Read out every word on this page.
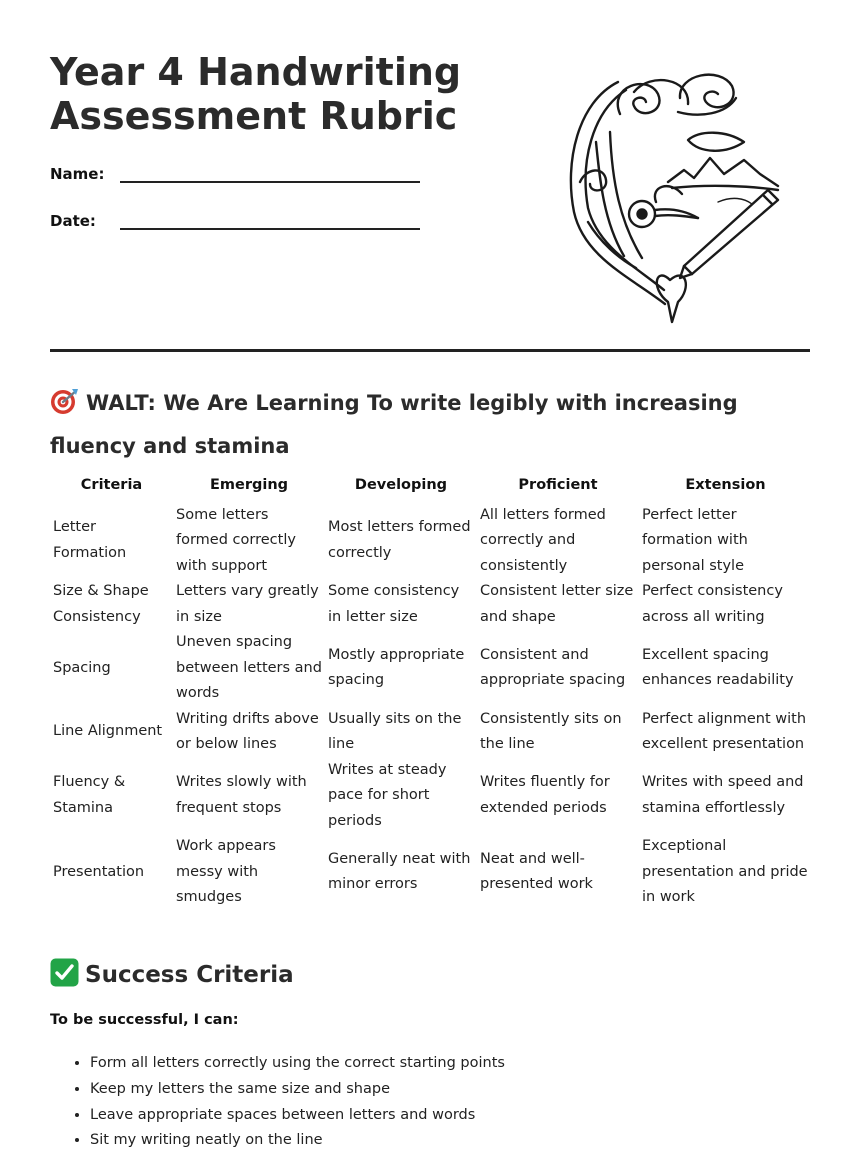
Year 4 Handwriting Assessment Rubric
Name:
Date:
WALT: We Are Learning To write legibly with increasing fluency and stamina
Criteria	Emerging	Developing	Proficient	Extension
Letter Formation	Some letters formed correctly with support	Most letters formed correctly	All letters formed correctly and consistently	Perfect letter formation with personal style
Size & Shape Consistency	Letters vary greatly in size	Some consistency in letter size	Consistent letter size and shape	Perfect consistency across all writing
Spacing	Uneven spacing between letters and words	Mostly appropriate spacing	Consistent and appropriate spacing	Excellent spacing enhances readability
Line Alignment	Writing drifts above or below lines	Usually sits on the line	Consistently sits on the line	Perfect alignment with excellent presentation
Fluency & Stamina	Writes slowly with frequent stops	Writes at steady pace for short periods	Writes fluently for extended periods	Writes with speed and stamina effortlessly
Presentation	Work appears messy with smudges	Generally neat with minor errors	Neat and well-presented work	Exceptional presentation and pride in work
Success Criteria

To be successful, I can:

• Form all letters correctly using the correct starting points
• Keep my letters the same size and shape
• Leave appropriate spaces between letters and words
• Sit my writing neatly on the line
